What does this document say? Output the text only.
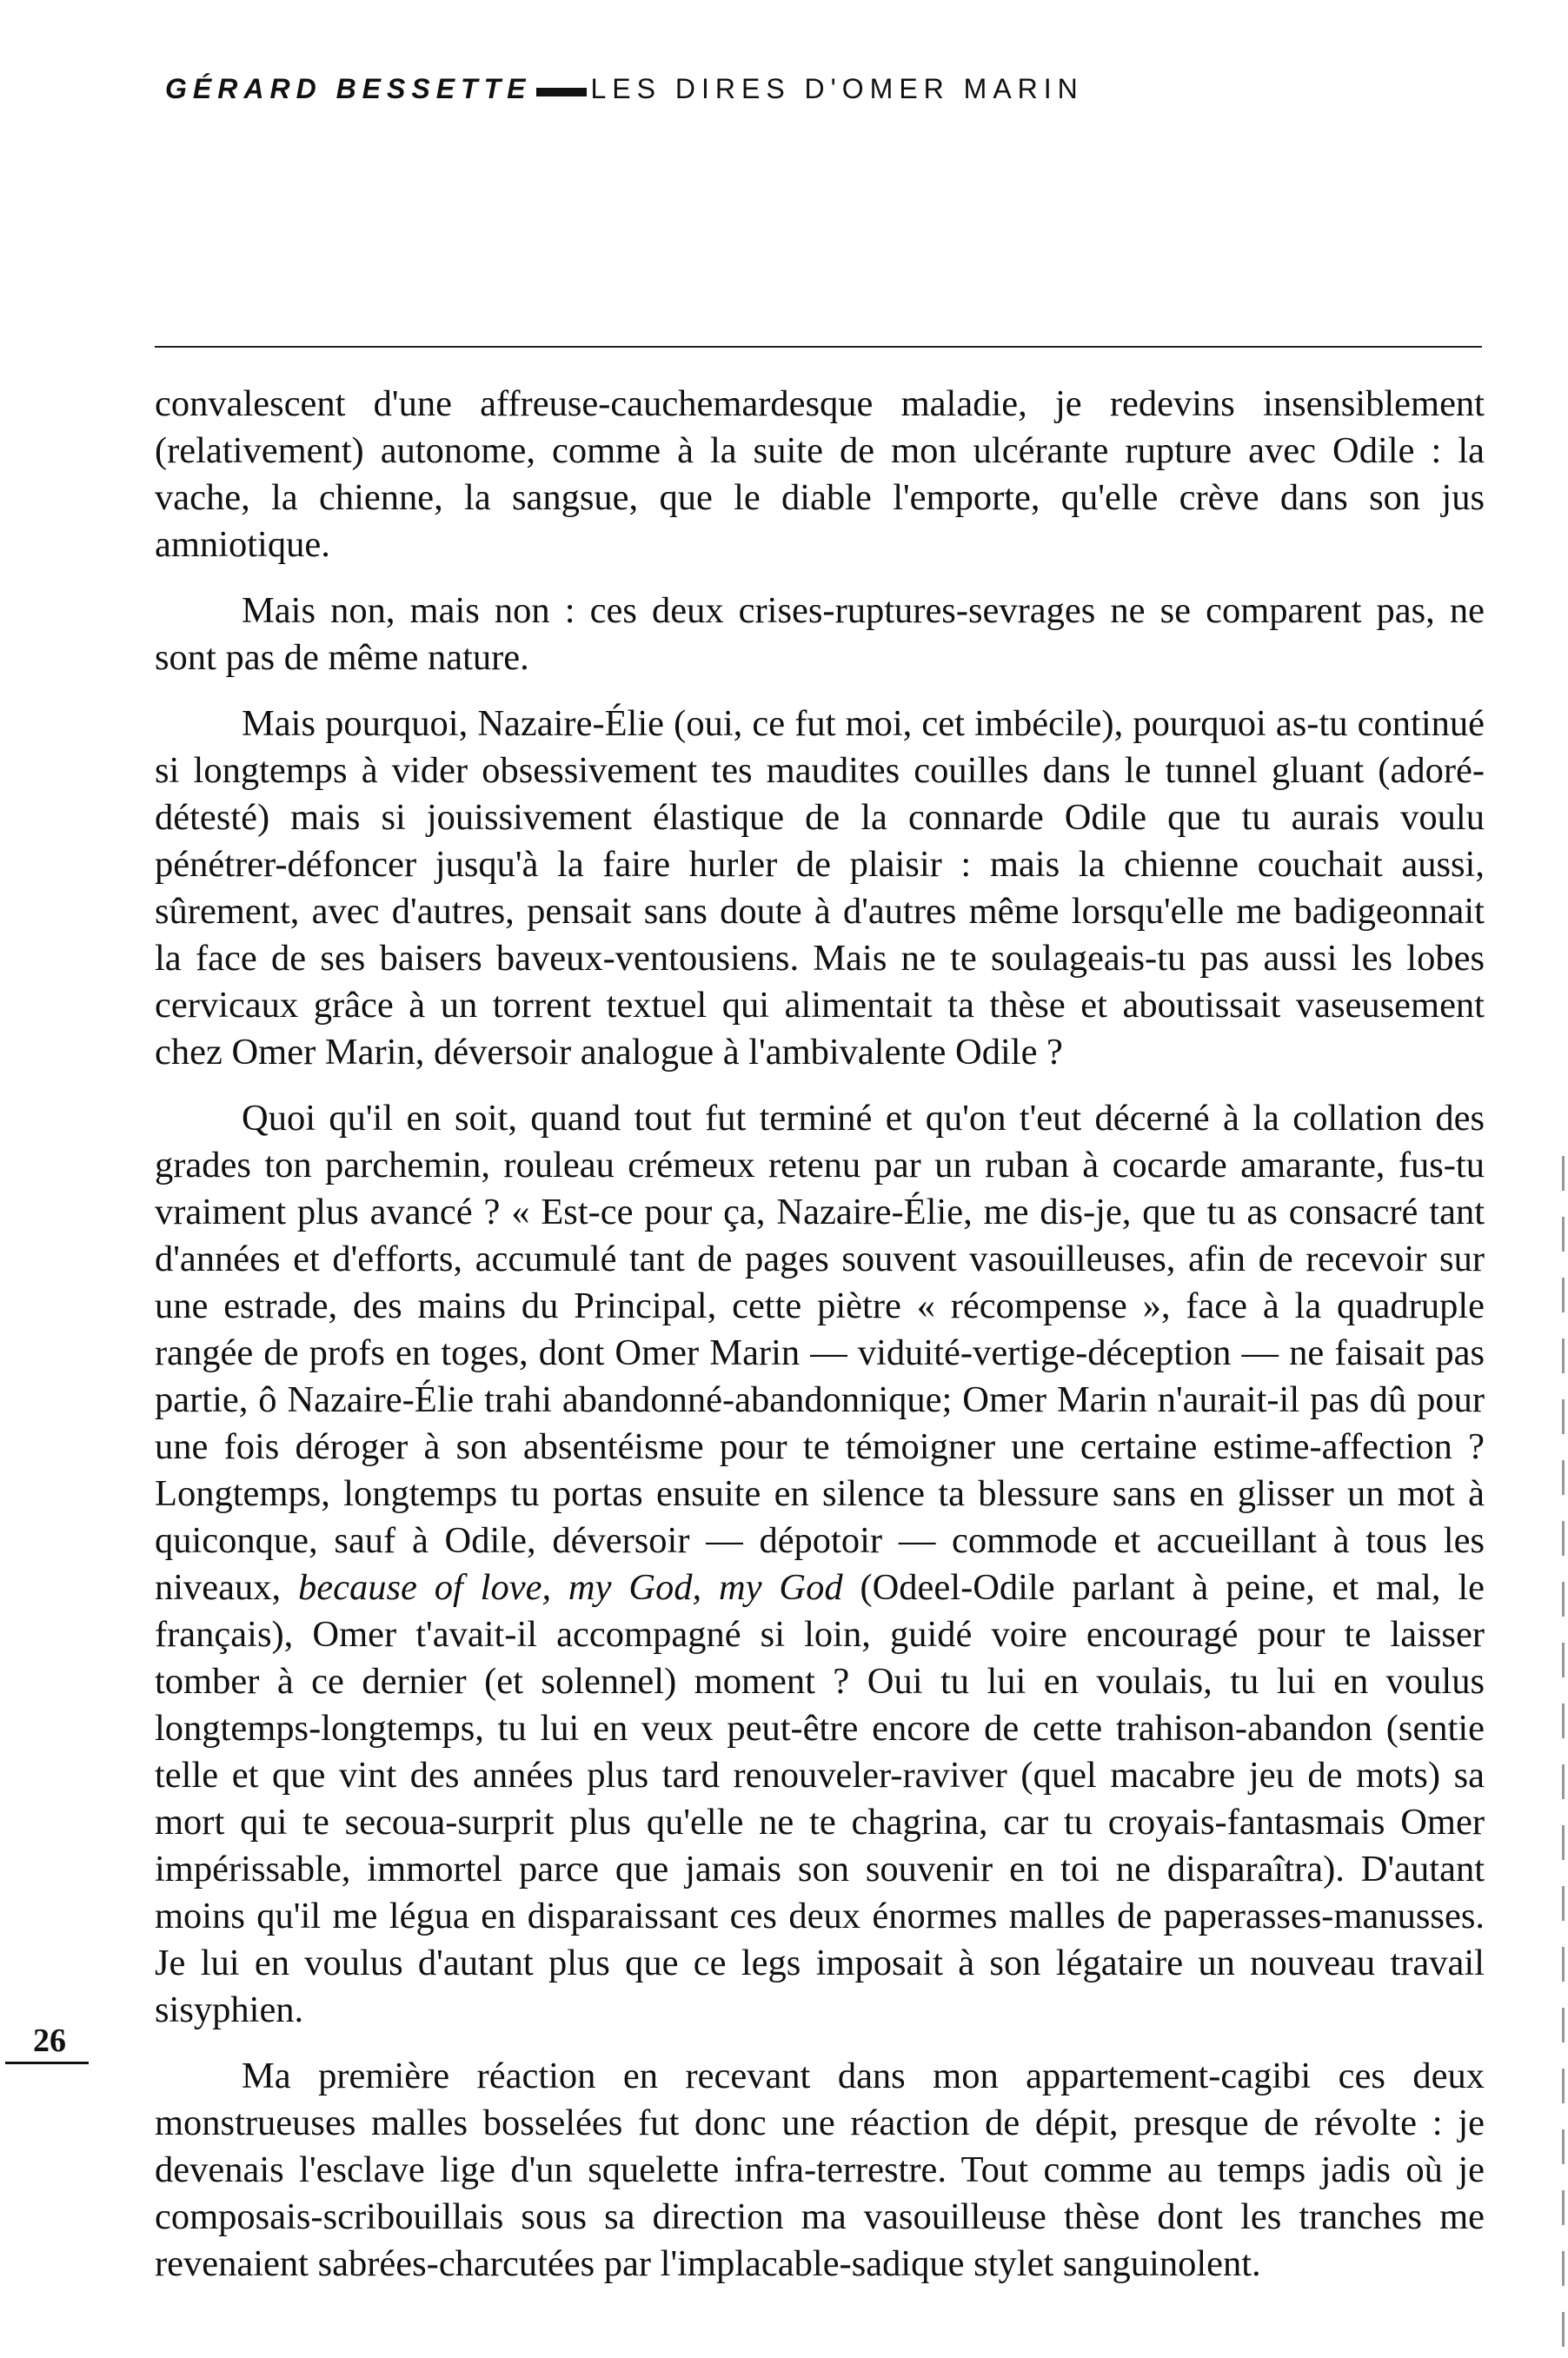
GÉRARD BESSETTE LES DIRES D'OMER MARIN

convalescent d'une affreuse-cauchemardesque maladie, je redevins insensiblement (relativement) autonome, comme à la suite de mon ulcérante rupture avec Odile : la vache, la chienne, la sangsue, que le diable l'emporte, qu'elle crève dans son jus amniotique.

Mais non, mais non : ces deux crises-ruptures-sevrages ne se comparent pas, ne sont pas de même nature.

Mais pourquoi, Nazaire-Élie (oui, ce fut moi, cet imbécile), pourquoi as-tu continué si longtemps à vider obsessivement tes maudites couilles dans le tunnel gluant (adoré-détesté) mais si jouissivement élastique de la connarde Odile que tu aurais voulu pénétrer-défoncer jusqu'à la faire hurler de plaisir : mais la chienne couchait aussi, sûrement, avec d'autres, pensait sans doute à d'autres même lorsqu'elle me badigeonnait la face de ses baisers baveux-ventousiens. Mais ne te soulageais-tu pas aussi les lobes cervicaux grâce à un torrent textuel qui alimentait ta thèse et aboutissait vaseusement chez Omer Marin, déversoir analogue à l'ambivalente Odile ?

Quoi qu'il en soit, quand tout fut terminé et qu'on t'eut décerné à la collation des grades ton parchemin, rouleau crémeux retenu par un ruban à cocarde amarante, fus-tu vraiment plus avancé ? « Est-ce pour ça, Nazaire-Élie, me dis-je, que tu as consacré tant d'années et d'efforts, accumulé tant de pages souvent vasouilleuses, afin de recevoir sur une estrade, des mains du Principal, cette piètre « récompense », face à la quadruple rangée de profs en toges, dont Omer Marin — viduité-vertige-déception — ne faisait pas partie, ô Nazaire-Élie trahi abandonné-abandonnique; Omer Marin n'aurait-il pas dû pour une fois déroger à son absentéisme pour te témoigner une certaine estime-affection ? Longtemps, longtemps tu portas ensuite en silence ta blessure sans en glisser un mot à quiconque, sauf à Odile, déversoir — dépotoir — commode et accueillant à tous les niveaux, because of love, my God, my God (Odeel-Odile parlant à peine, et mal, le français), Omer t'avait-il accompagné si loin, guidé voire encouragé pour te laisser tomber à ce dernier (et solennel) moment ? Oui tu lui en voulais, tu lui en voulus longtemps-longtemps, tu lui en veux peut-être encore de cette trahison-abandon (sentie telle et que vint des années plus tard renouveler-raviver (quel macabre jeu de mots) sa mort qui te secoua-surprit plus qu'elle ne te chagrina, car tu croyais-fantasmais Omer impérissable, immortel parce que jamais son souvenir en toi ne disparaîtra). D'autant moins qu'il me légua en disparaissant ces deux énormes malles de paperasses-manusses. Je lui en voulus d'autant plus que ce legs imposait à son légataire un nouveau travail sisyphien.

Ma première réaction en recevant dans mon appartement-cagibi ces deux monstrueuses malles bosselées fut donc une réaction de dépit, presque de révolte : je devenais l'esclave lige d'un squelette infra-terrestre. Tout comme au temps jadis où je composais-scribouillais sous sa direction ma vasouilleuse thèse dont les tranches me revenaient sabrées-charcutées par l'implacable-sadique stylet sanguinolent.

26
